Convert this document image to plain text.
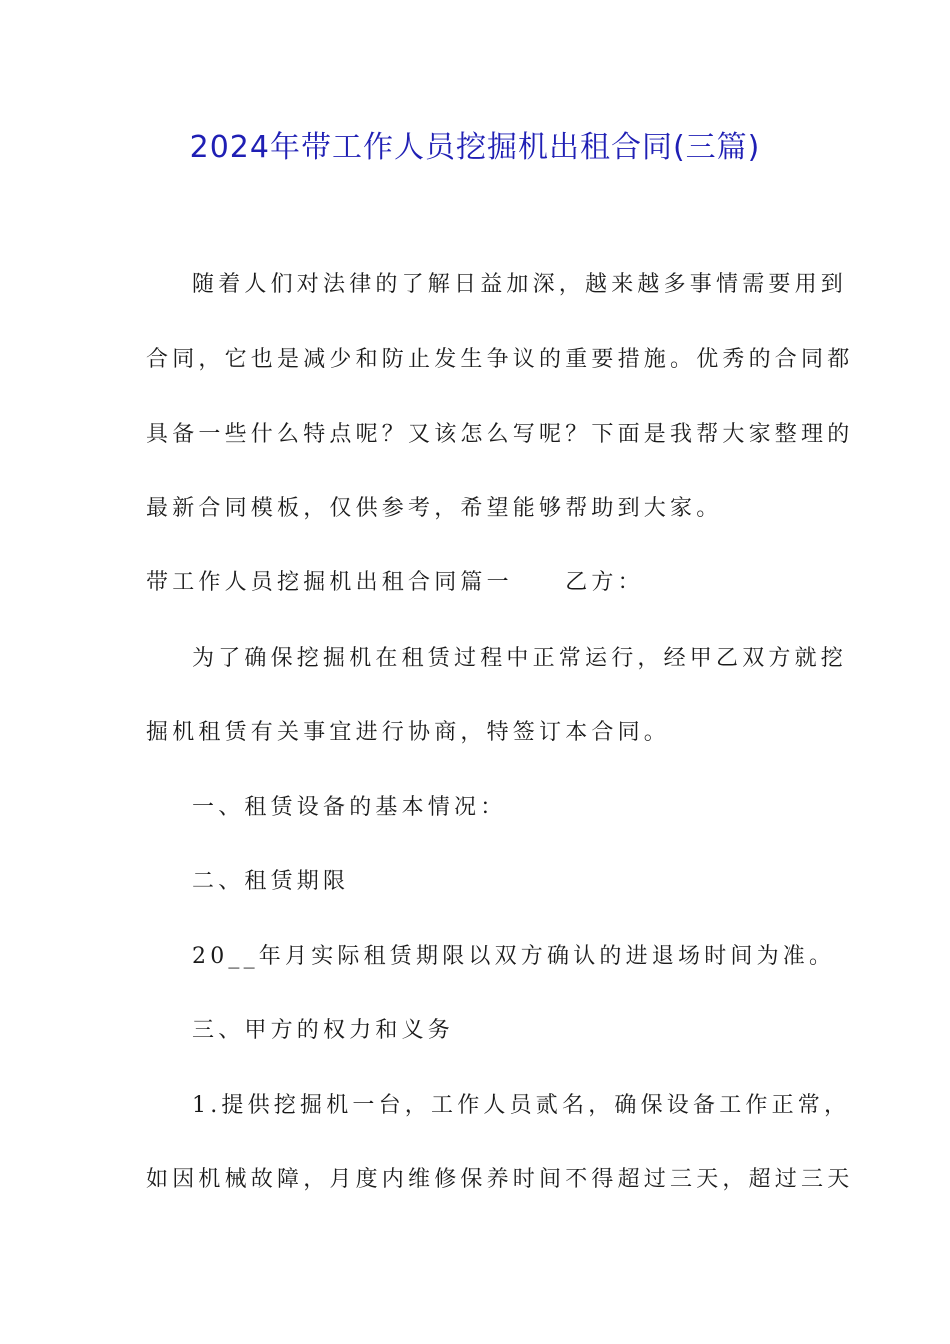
2024年带工作人员挖掘机出租合同(三篇)
随着人们对法律的了解日益加深，越来越多事情需要用到
合同，它也是减少和防止发生争议的重要措施。优秀的合同都
具备一些什么特点呢？又该怎么写呢？下面是我帮大家整理的
最新合同模板，仅供参考，希望能够帮助到大家。
带工作人员挖掘机出租合同篇一　　乙方：
为了确保挖掘机在租赁过程中正常运行，经甲乙双方就挖
掘机租赁有关事宜进行协商，特签订本合同。
一、租赁设备的基本情况：
二、租赁期限
20__年月实际租赁期限以双方确认的进退场时间为准。
三、甲方的权力和义务
1.提供挖掘机一台，工作人员贰名，确保设备工作正常，
如因机械故障，月度内维修保养时间不得超过三天，超过三天
